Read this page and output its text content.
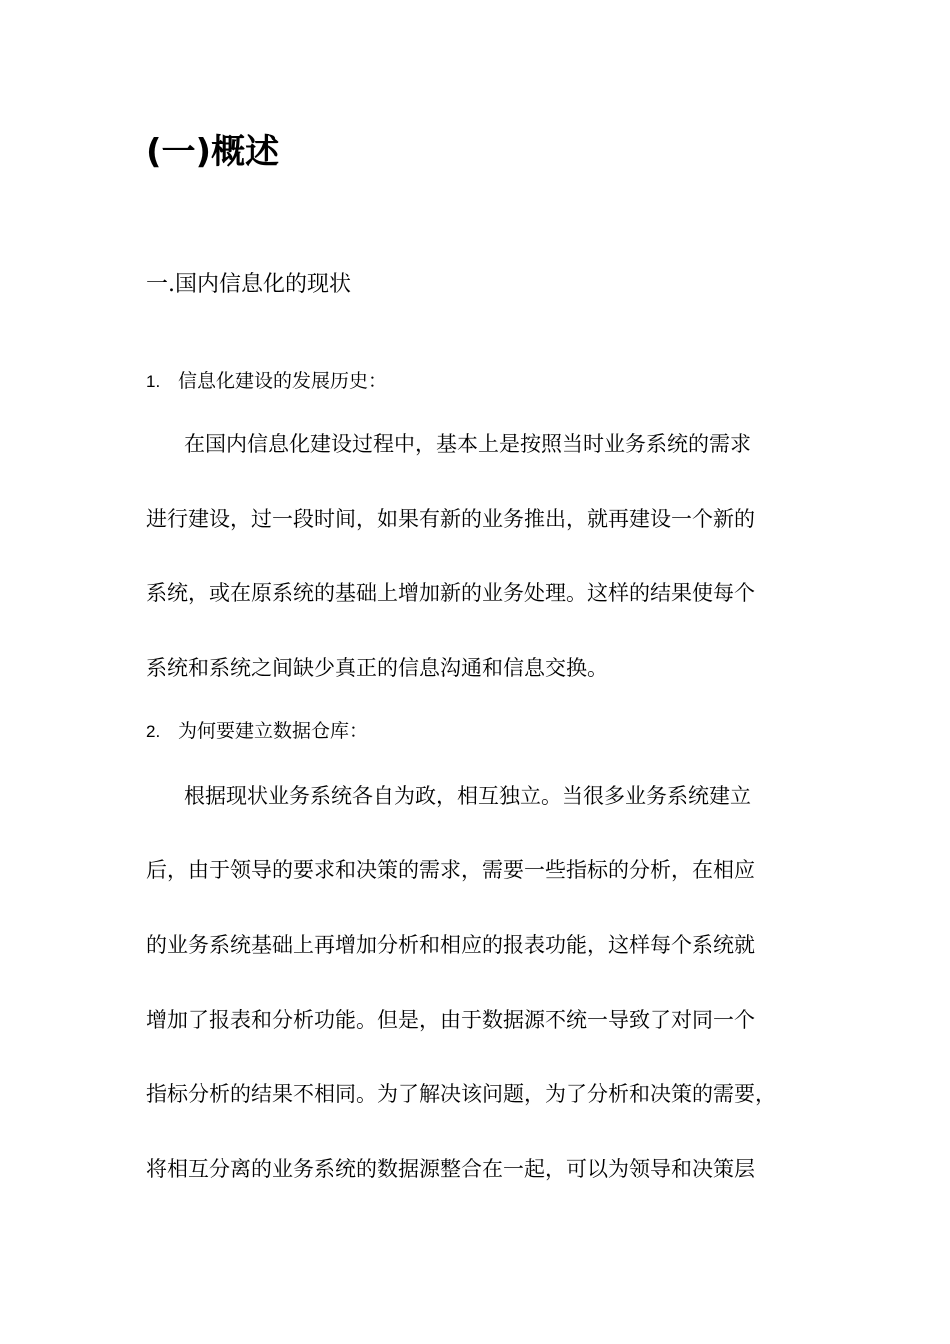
(一)概述
一.国内信息化的现状
1. 信息化建设的发展历史：
在国内信息化建设过程中，基本上是按照当时业务系统的需求
进行建设，过一段时间，如果有新的业务推出，就再建设一个新的
系统，或在原系统的基础上增加新的业务处理。这样的结果使每个
系统和系统之间缺少真正的信息沟通和信息交换。
2. 为何要建立数据仓库：
根据现状业务系统各自为政，相互独立。当很多业务系统建立
后，由于领导的要求和决策的需求，需要一些指标的分析，在相应
的业务系统基础上再增加分析和相应的报表功能，这样每个系统就
增加了报表和分析功能。但是，由于数据源不统一导致了对同一个
指标分析的结果不相同。为了解决该问题，为了分析和决策的需要，
将相互分离的业务系统的数据源整合在一起，可以为领导和决策层
